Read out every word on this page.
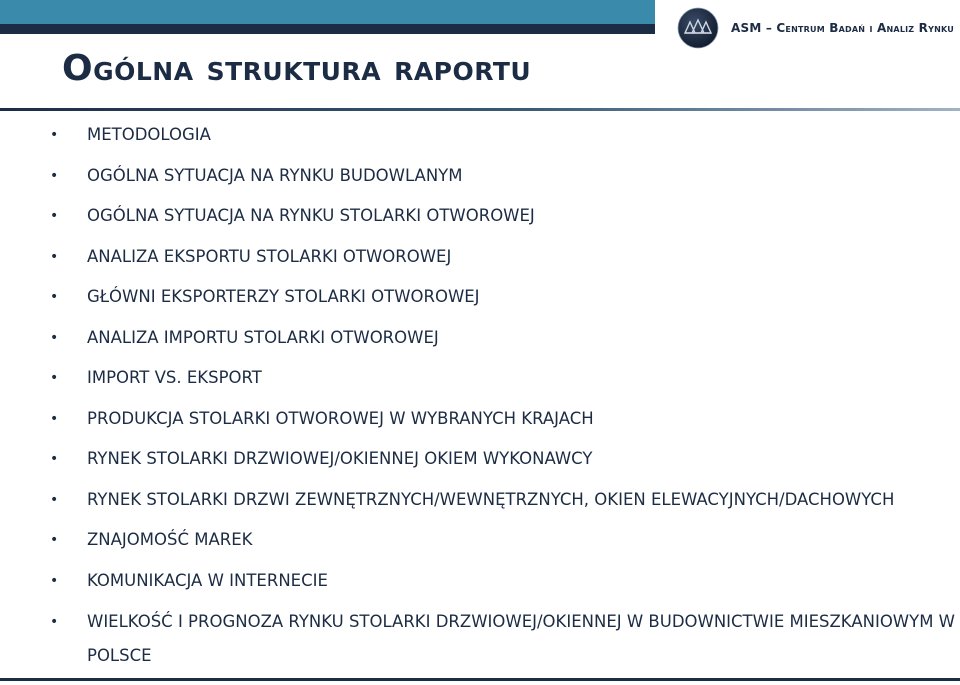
ASM – Centrum Badań i Analiz Rynku
Ogólna struktura raportu
•	METODOLOGIA
•	OGÓLNA SYTUACJA NA RYNKU BUDOWLANYM
•	OGÓLNA SYTUACJA NA RYNKU STOLARKI OTWOROWEJ
•	ANALIZA EKSPORTU STOLARKI OTWOROWEJ
•	GŁÓWNI EKSPORTERZY STOLARKI OTWOROWEJ
•	ANALIZA IMPORTU STOLARKI OTWOROWEJ
•	IMPORT VS. EKSPORT
•	PRODUKCJA STOLARKI OTWOROWEJ W WYBRANYCH KRAJACH
•	RYNEK STOLARKI DRZWIOWEJ/OKIENNEJ OKIEM WYKONAWCY
•	RYNEK STOLARKI DRZWI ZEWNĘTRZNYCH/WEWNĘTRZNYCH, OKIEN ELEWACYJNYCH/DACHOWYCH
•	ZNAJOMOŚĆ MAREK
•	KOMUNIKACJA W INTERNECIE
•	WIELKOŚĆ I PROGNOZA RYNKU STOLARKI DRZWIOWEJ/OKIENNEJ W BUDOWNICTWIE MIESZKANIOWYM W POLSCE
